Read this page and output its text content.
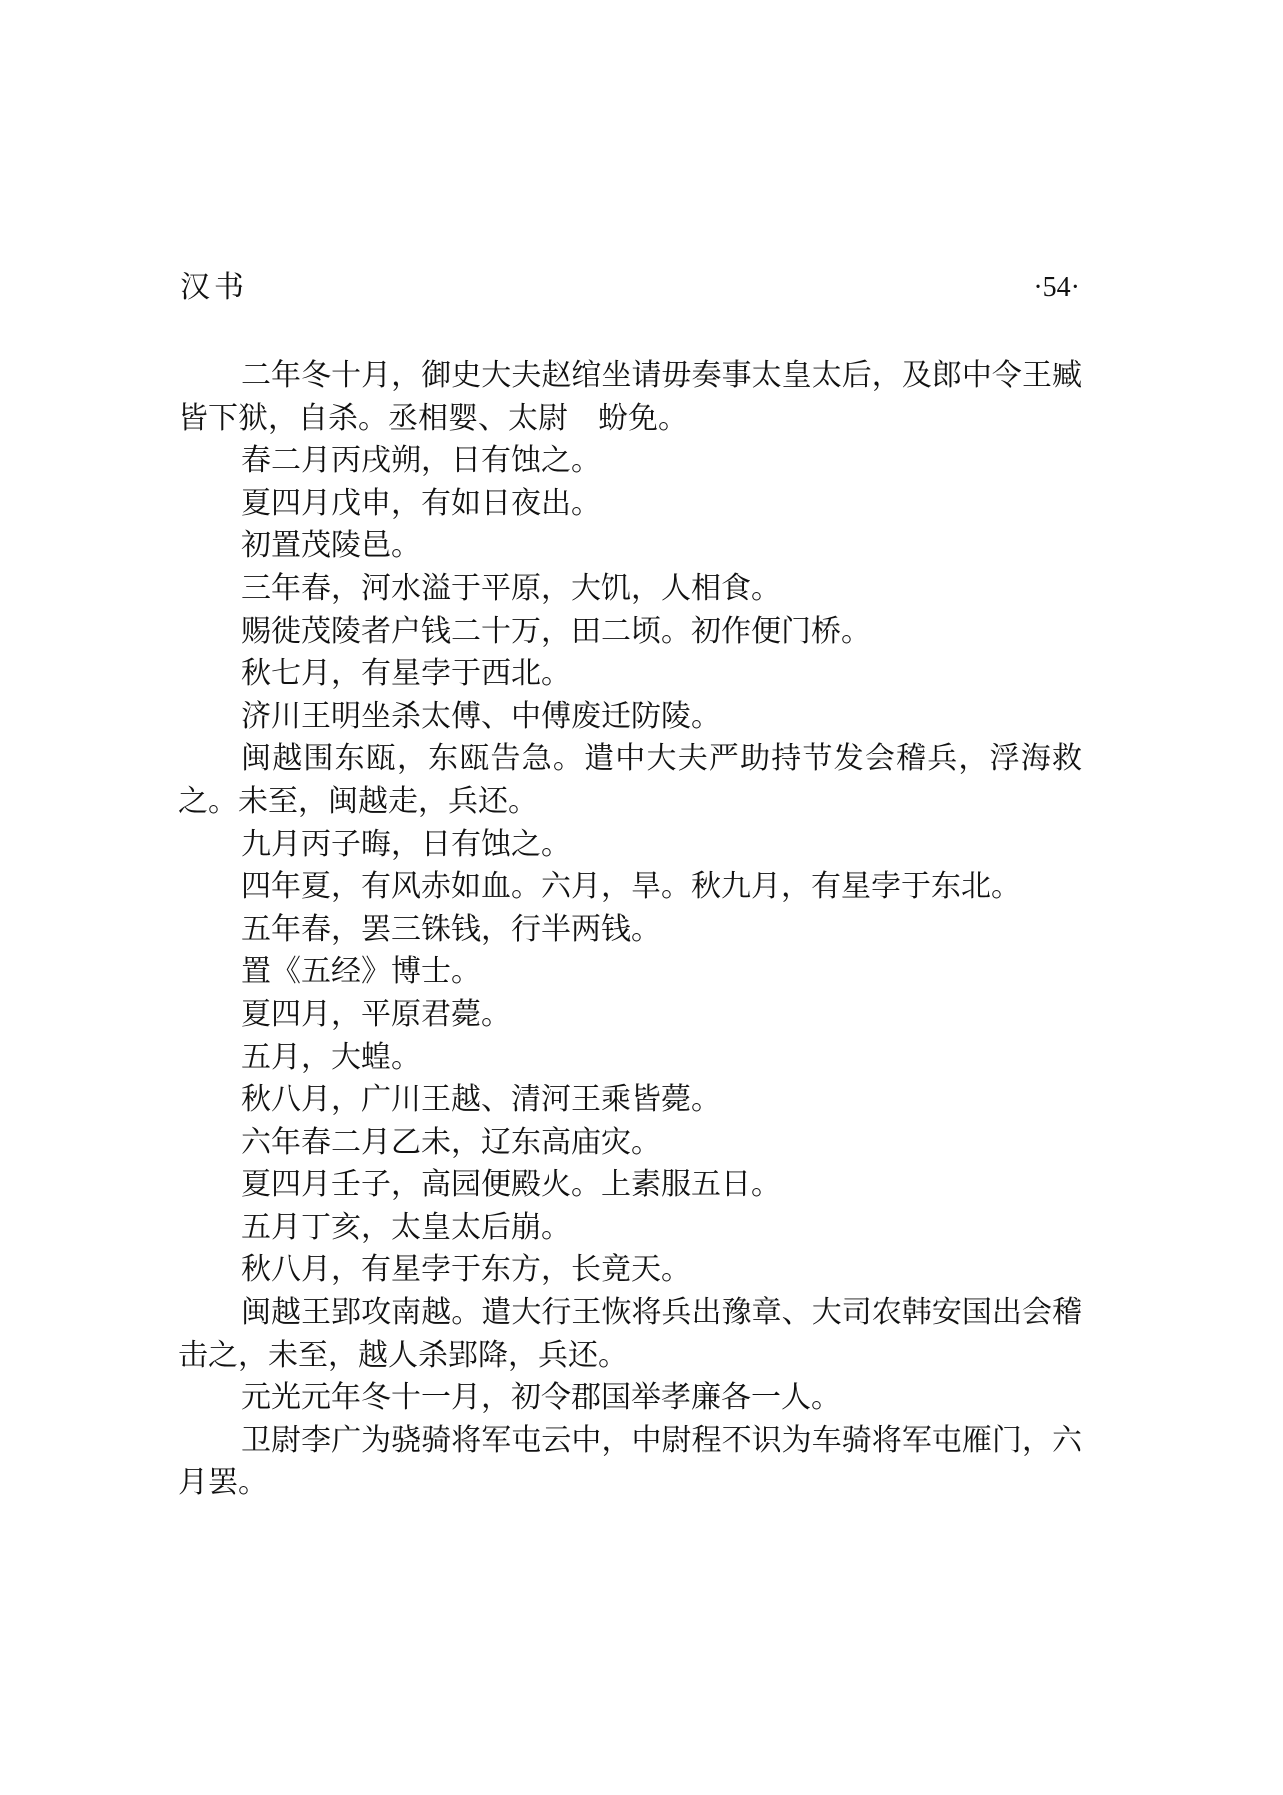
汉书	·54·

二年冬十月，御史大夫赵绾坐请毋奏事太皇太后，及郎中令王臧皆下狱，自杀。丞相婴、太尉　蚡免。

春二月丙戌朔，日有蚀之。

夏四月戊申，有如日夜出。

初置茂陵邑。

三年春，河水溢于平原，大饥，人相食。

赐徙茂陵者户钱二十万，田二顷。初作便门桥。

秋七月，有星孛于西北。

济川王明坐杀太傅、中傅废迁防陵。

闽越围东瓯，东瓯告急。遣中大夫严助持节发会稽兵，浮海救之。未至，闽越走，兵还。

九月丙子晦，日有蚀之。

四年夏，有风赤如血。六月，旱。秋九月，有星孛于东北。

五年春，罢三铢钱，行半两钱。

置《五经》博士。

夏四月，平原君薨。

五月，大蝗。

秋八月，广川王越、清河王乘皆薨。

六年春二月乙未，辽东高庙灾。

夏四月壬子，高园便殿火。上素服五日。

五月丁亥，太皇太后崩。

秋八月，有星孛于东方，长竟天。

闽越王郢攻南越。遣大行王恢将兵出豫章、大司农韩安国出会稽击之，未至，越人杀郢降，兵还。

元光元年冬十一月，初令郡国举孝廉各一人。

卫尉李广为骁骑将军屯云中，中尉程不识为车骑将军屯雁门，六月罢。
